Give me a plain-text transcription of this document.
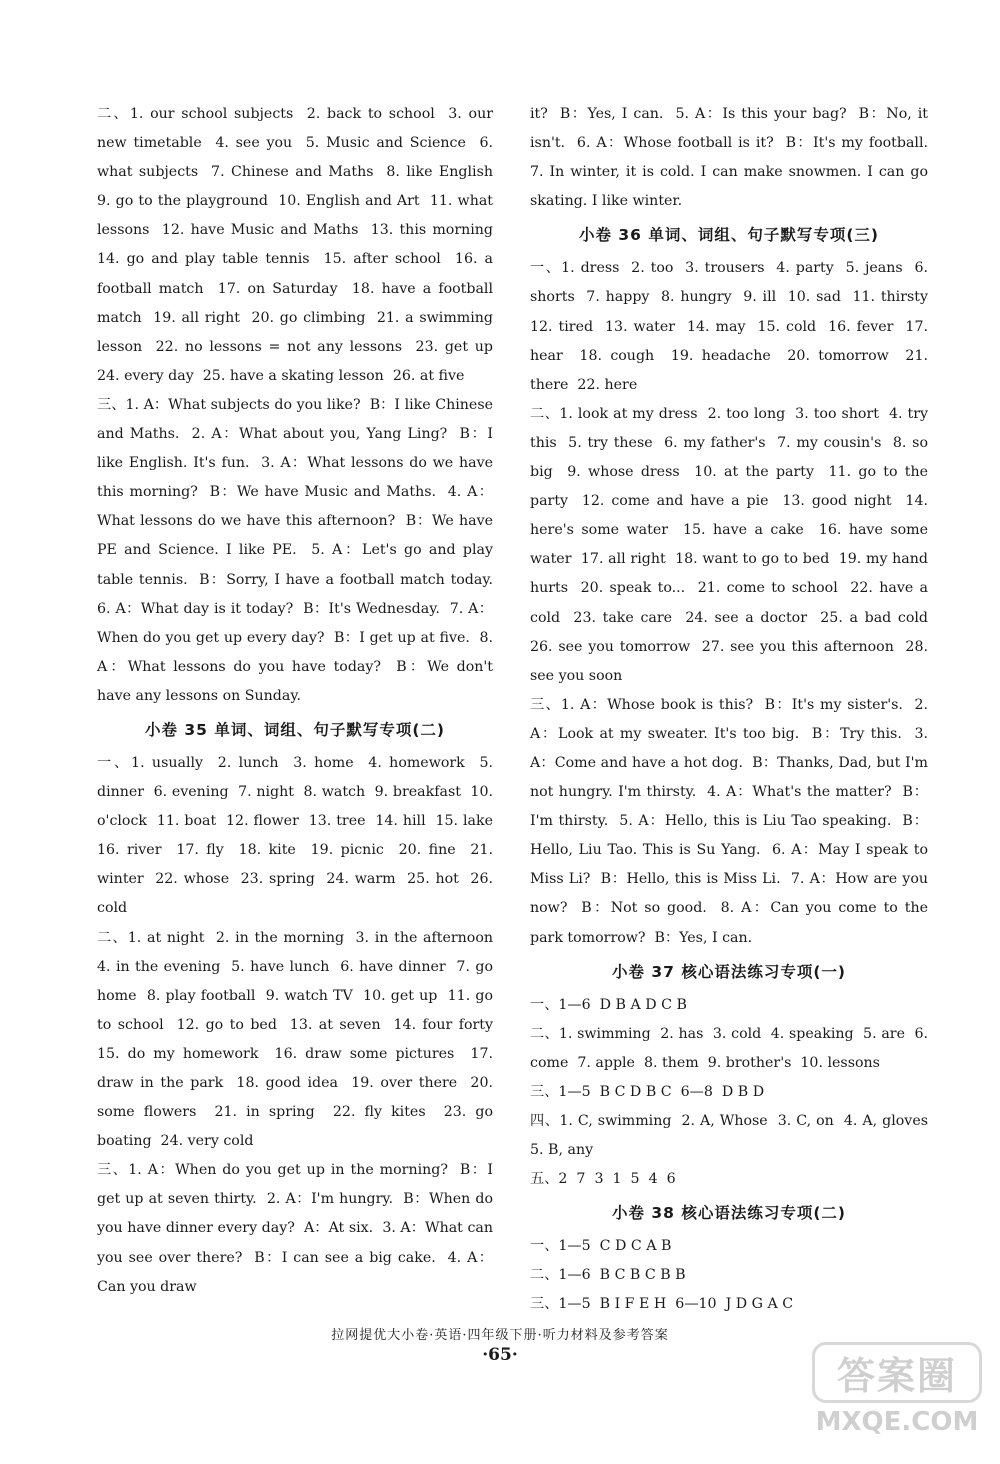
二、1. our school subjects  2. back to school  3. our new timetable  4. see you  5. Music and Science  6. what subjects  7. Chinese and Maths  8. like English  9. go to the playground  10. English and Art  11. what lessons  12. have Music and Maths  13. this morning  14. go and play table tennis  15. after school  16. a football match  17. on Saturday  18. have a football match  19. all right  20. go climbing  21. a swimming lesson  22. no lessons = not any lessons  23. get up  24. every day  25. have a skating lesson  26. at five

三、1. A：What subjects do you like?  B：I like Chinese and Maths.  2. A：What about you, Yang Ling?  B：I like English. It's fun.  3. A：What lessons do we have this morning?  B：We have Music and Maths.  4. A：What lessons do we have this afternoon?  B：We have PE and Science. I like PE.  5. A：Let's go and play table tennis.  B：Sorry, I have a football match today.  6. A：What day is it today?  B：It's Wednesday.  7. A：When do you get up every day?  B：I get up at five.  8. A：What lessons do you have today?  B：We don't have any lessons on Sunday.

小卷 35 单词、词组、句子默写专项(二)

一、1. usually  2. lunch  3. home  4. homework  5. dinner  6. evening  7. night  8. watch  9. breakfast  10. o'clock  11. boat  12. flower  13. tree  14. hill  15. lake  16. river  17. fly  18. kite  19. picnic  20. fine  21. winter  22. whose  23. spring  24. warm  25. hot  26. cold

二、1. at night  2. in the morning  3. in the afternoon  4. in the evening  5. have lunch  6. have dinner  7. go home  8. play football  9. watch TV  10. get up  11. go to school  12. go to bed  13. at seven  14. four forty  15. do my homework  16. draw some pictures  17. draw in the park  18. good idea  19. over there  20. some flowers  21. in spring  22. fly kites  23. go boating  24. very cold

三、1. A：When do you get up in the morning?  B：I get up at seven thirty.  2. A：I'm hungry.  B：When do you have dinner every day?  A：At six.  3. A：What can you see over there?  B：I can see a big cake.  4. A：Can you draw

it?  B：Yes, I can.  5. A：Is this your bag?  B：No, it isn't.  6. A：Whose football is it?  B：It's my football.  7. In winter, it is cold. I can make snowmen. I can go skating. I like winter.

小卷 36 单词、词组、句子默写专项(三)

一、1. dress  2. too  3. trousers  4. party  5. jeans  6. shorts  7. happy  8. hungry  9. ill  10. sad  11. thirsty  12. tired  13. water  14. may  15. cold  16. fever  17. hear  18. cough  19. headache  20. tomorrow  21. there  22. here

二、1. look at my dress  2. too long  3. too short  4. try this  5. try these  6. my father's  7. my cousin's  8. so big  9. whose dress  10. at the party  11. go to the party  12. come and have a pie  13. good night  14. here's some water  15. have a cake  16. have some water  17. all right  18. want to go to bed  19. my hand hurts  20. speak to...  21. come to school  22. have a cold  23. take care  24. see a doctor  25. a bad cold  26. see you tomorrow  27. see you this afternoon  28. see you soon

三、1. A：Whose book is this?  B：It's my sister's.  2. A：Look at my sweater. It's too big.  B：Try this.  3. A：Come and have a hot dog.  B：Thanks, Dad, but I'm not hungry. I'm thirsty.  4. A：What's the matter?  B：I'm thirsty.  5. A：Hello, this is Liu Tao speaking.  B：Hello, Liu Tao. This is Su Yang.  6. A：May I speak to Miss Li?  B：Hello, this is Miss Li.  7. A：How are you now?  B：Not so good.  8. A：Can you come to the park tomorrow?  B：Yes, I can.

小卷 37 核心语法练习专项(一)

一、1—6  D B A D C B

二、1. swimming  2. has  3. cold  4. speaking  5. are  6. come  7. apple  8. them  9. brother's  10. lessons

三、1—5  B C D B C  6—8  D B D

四、1. C, swimming  2. A, Whose  3. C, on  4. A, gloves  5. B, any

五、2  7  3  1  5  4  6

小卷 38 核心语法练习专项(二)

一、1—5  C D C A B

二、1—6  B C B C B B

三、1—5  B I F E H  6—10  J D G A C

拉网提优大小卷·英语·四年级下册·听力材料及参考答案
·65·	答案圈
MXQE.COM
